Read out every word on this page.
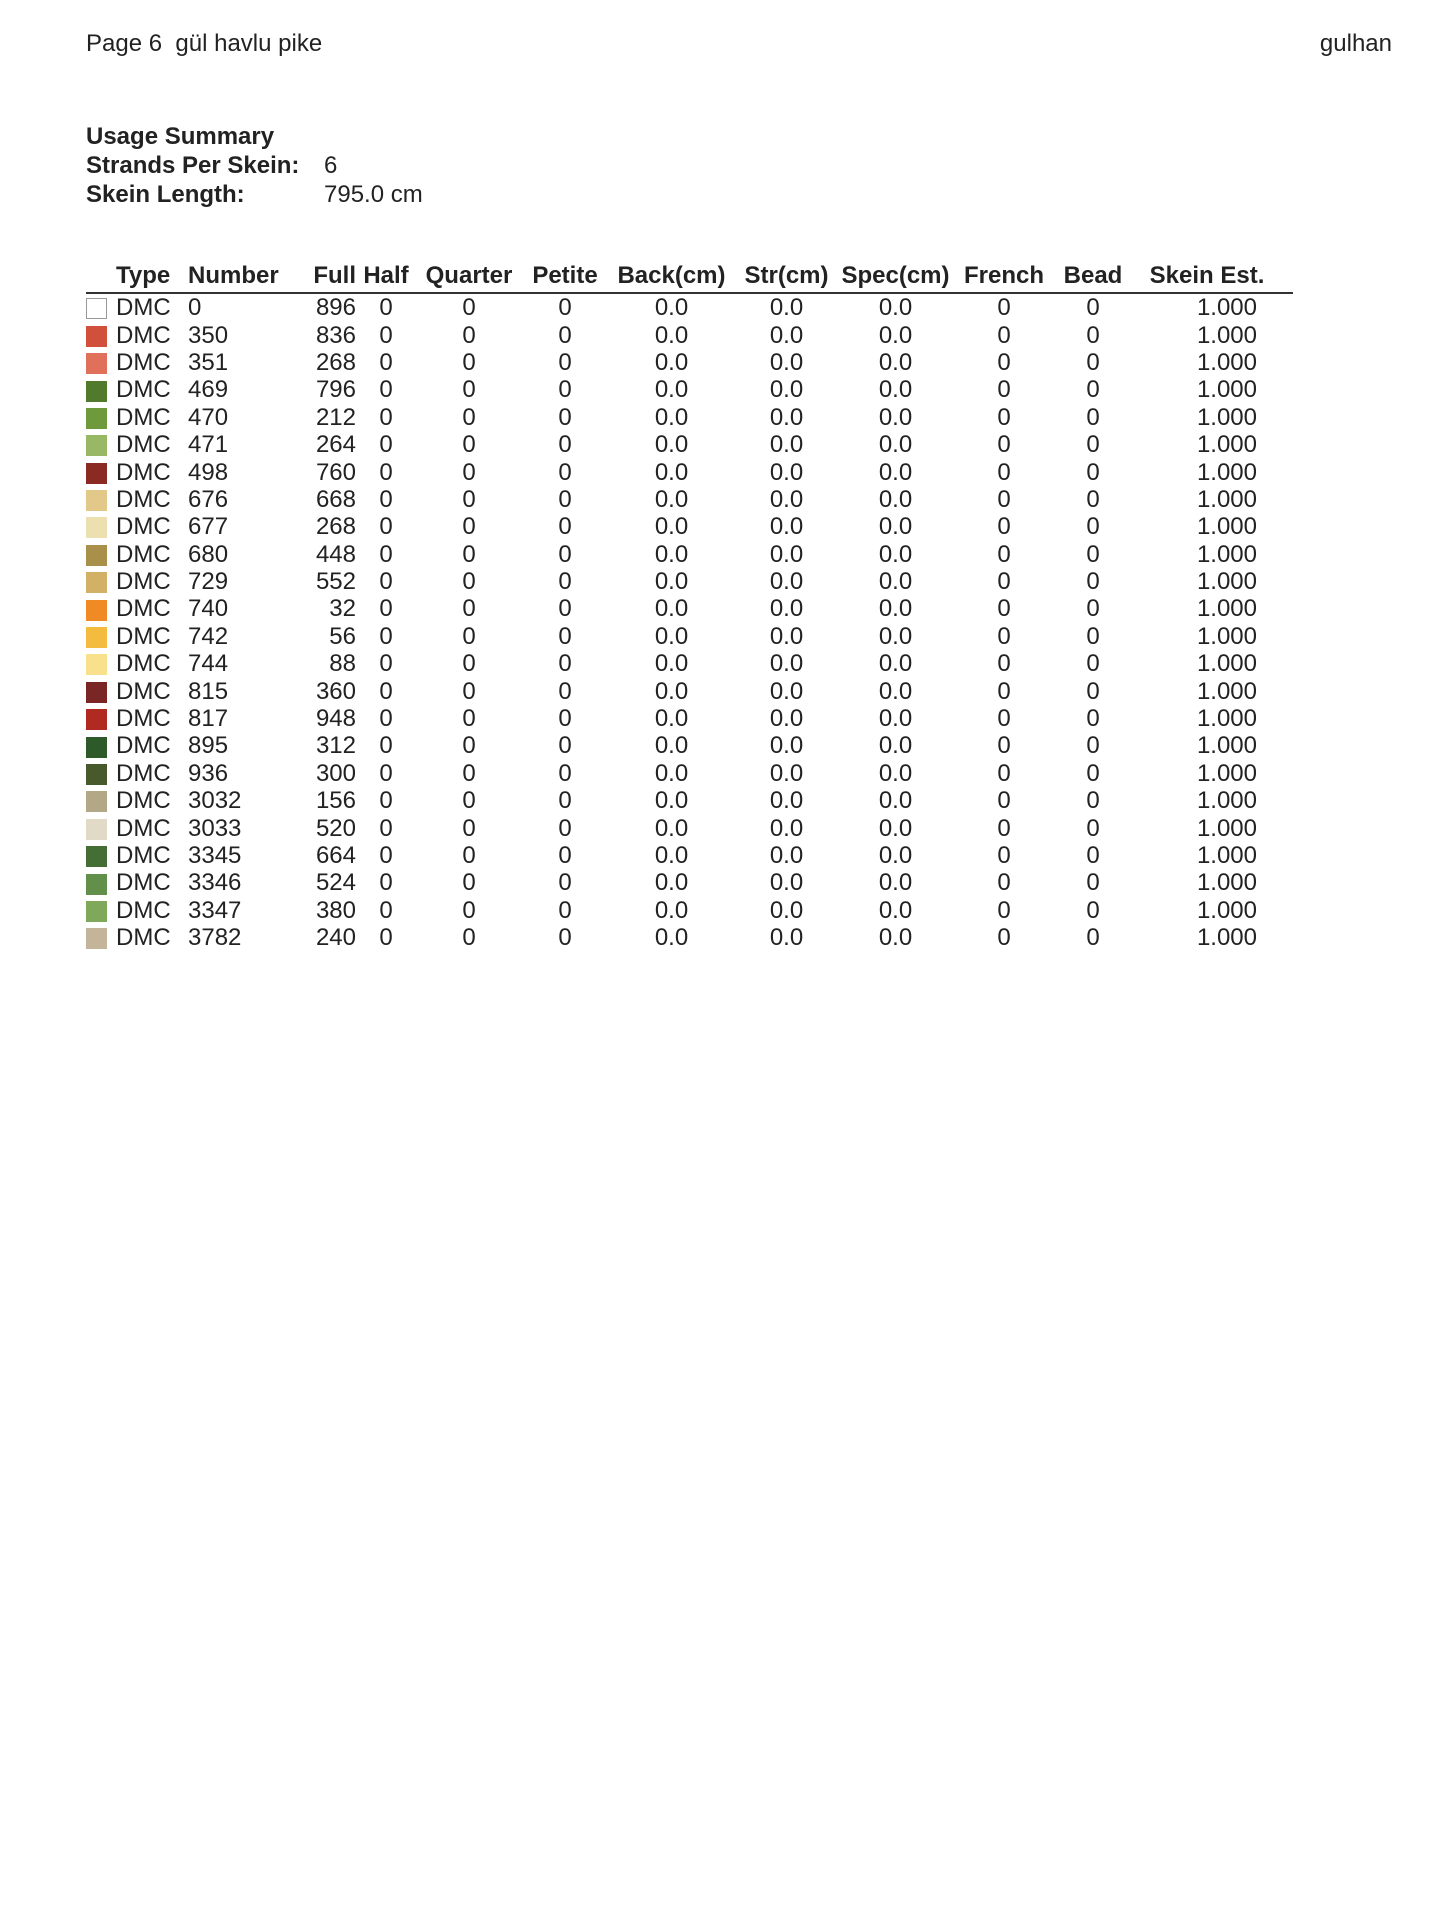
Page 6  gül havlu pike	gulhan
Usage Summary
Strands Per Skein:	6
Skein Length:	795.0 cm
	Type	Number	Full	Half	Quarter	Petite	Back(cm)	Str(cm)	Spec(cm)	French	Bead	Skein Est.
	DMC	0	896	0	0	0	0.0	0.0	0.0	0	0	1.000
	DMC	350	836	0	0	0	0.0	0.0	0.0	0	0	1.000
	DMC	351	268	0	0	0	0.0	0.0	0.0	0	0	1.000
	DMC	469	796	0	0	0	0.0	0.0	0.0	0	0	1.000
	DMC	470	212	0	0	0	0.0	0.0	0.0	0	0	1.000
	DMC	471	264	0	0	0	0.0	0.0	0.0	0	0	1.000
	DMC	498	760	0	0	0	0.0	0.0	0.0	0	0	1.000
	DMC	676	668	0	0	0	0.0	0.0	0.0	0	0	1.000
	DMC	677	268	0	0	0	0.0	0.0	0.0	0	0	1.000
	DMC	680	448	0	0	0	0.0	0.0	0.0	0	0	1.000
	DMC	729	552	0	0	0	0.0	0.0	0.0	0	0	1.000
	DMC	740	32	0	0	0	0.0	0.0	0.0	0	0	1.000
	DMC	742	56	0	0	0	0.0	0.0	0.0	0	0	1.000
	DMC	744	88	0	0	0	0.0	0.0	0.0	0	0	1.000
	DMC	815	360	0	0	0	0.0	0.0	0.0	0	0	1.000
	DMC	817	948	0	0	0	0.0	0.0	0.0	0	0	1.000
	DMC	895	312	0	0	0	0.0	0.0	0.0	0	0	1.000
	DMC	936	300	0	0	0	0.0	0.0	0.0	0	0	1.000
	DMC	3032	156	0	0	0	0.0	0.0	0.0	0	0	1.000
	DMC	3033	520	0	0	0	0.0	0.0	0.0	0	0	1.000
	DMC	3345	664	0	0	0	0.0	0.0	0.0	0	0	1.000
	DMC	3346	524	0	0	0	0.0	0.0	0.0	0	0	1.000
	DMC	3347	380	0	0	0	0.0	0.0	0.0	0	0	1.000
	DMC	3782	240	0	0	0	0.0	0.0	0.0	0	0	1.000
